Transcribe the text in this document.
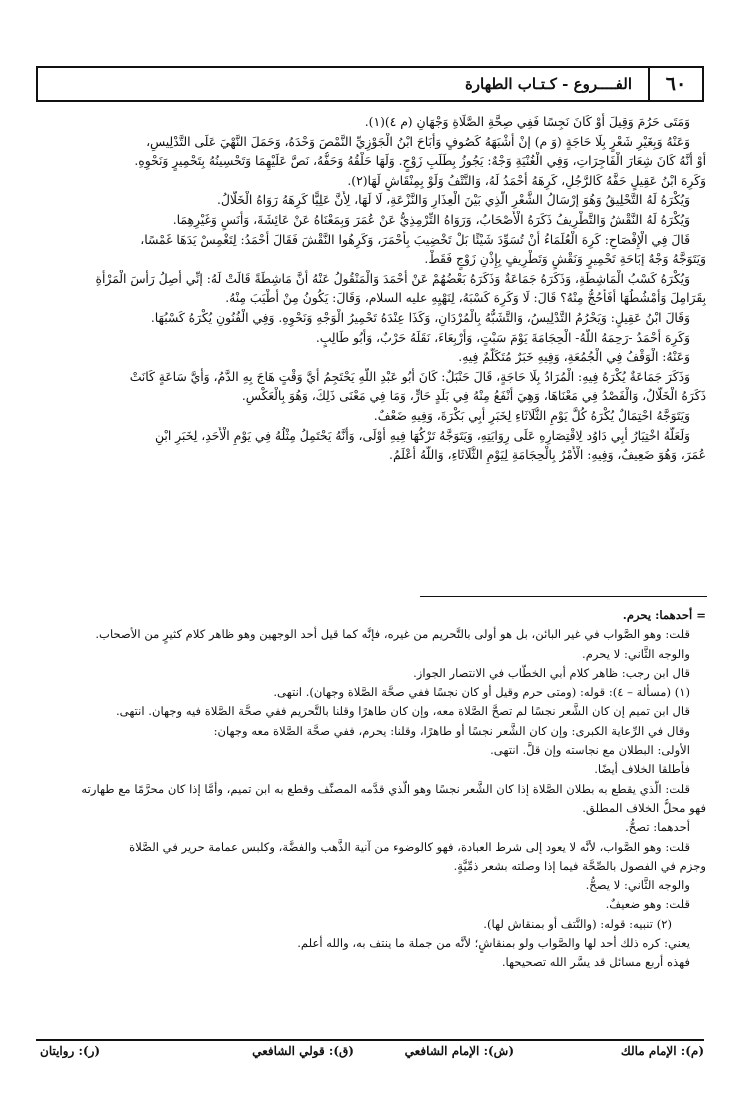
٦٠
الفــــروع - كـتـاب الطهارة
وَمَتَى حَرُمَ وَقِيلَ أَوْ كَانَ نَجِسًا فَفِي صِحَّةِ الصَّلَاةِ وَجْهَانِ (م ٤)(١).
وَعَنْهُ وَبِغَيْرِ شَعْرٍ بِلَا حَاجَةٍ (وَ م) إنْ أَشْبَهَهُ كَصُوفٍ وَأَبَاحَ ابْنُ الْجَوْزِيِّ النَّمْصَ وَحْدَهُ، وَحَمَلَ النَّهْيَ عَلَى التَّدْلِيسِ،
أَوْ أَنَّهُ كَانَ شِعَارَ الْفَاجِرَاتِ، وَفِي الْغُنْيَةِ وَجْهٌ: يَجُوزُ بِطَلَبِ زَوْجٍ. وَلَهَا حَلْقُهُ وَحَفُّهُ، نَصَّ عَلَيْهِمَا وَتَحْسِينُهُ بِتَحْمِيرٍ وَنَحْوِهِ.
وَكَرِهَ ابْنُ عَقِيلٍ حَفَّهُ كَالرَّجُلِ، كَرِهَهُ أَحْمَدُ لَهُ، وَالنَّتْفُ وَلَوْ بِمِنْقَاشٍ لَهَا(٢).
وَيُكْرَهُ لَهُ التَّحْلِيقُ وَهُوَ إرْسَالُ الشَّعْرِ الَّذِي بَيْنَ الْعِذَارِ وَالنَّزْعَةِ، لَا لَهَا، لِأَنَّ عَلِيًّا كَرِهَهُ رَوَاهُ الْخَلَّالُ.
وَيُكْرَهُ لَهُ النَّقْشُ وَالتَّطْرِيفُ ذَكَرَهُ الْأَصْحَابُ، وَرَوَاهُ التِّرْمِذِيُّ عَنْ عُمَرَ وَبِمَعْنَاهُ عَنْ عَائِشَةَ، وَأَنَسٍ وَغَيْرِهِمَا.
قَالَ فِي الْإِفْصَاحِ: كَرِهَ الْعُلَمَاءُ أَنْ تُسَوِّدَ شَيْئًا بَلْ تَخْضِيبَ بِأَحْمَرَ، وَكَرِهُوا النَّقْشَ فَقَالَ أَحْمَدُ: لِتَغْمِسْ يَدَهَا غَمْسًا،
وَيَتَوَجَّهُ وَجْهٌ إبَاحَةِ تَحْمِيرٍ وَنَقْشٍ وَتَطْرِيفٍ بِإِذْنِ زَوْجٍ فَقَطْ.
وَيُكْرَهُ كَسْبُ الْمَاشِطَةِ، وَذَكَرَهُ جَمَاعَةٌ وَذَكَرَهُ بَعْضُهُمْ عَنْ أَحْمَدَ وَالْمَنْقُولُ عَنْهُ أَنَّ مَاشِطَةً قَالَتْ لَهُ: إنِّي أَصِلُ رَأْسَ الْمَرْأَةِ
بِقَرَامِلَ وَأَمْشُطُهَا أَفَأَحُجُّ مِنْهُ؟ قَالَ: لَا وَكَرِهَ كَسْبَهُ، لِنَهْيِهِ عليه السلام، وَقَالَ: يَكُونُ مِنْ أَطْيَبَ مِنْهُ.
وَقَالَ ابْنُ عَقِيلٍ: وَيَحْرُمُ التَّدْلِيسُ، وَالتَّشَبُّهُ بِالْمُرْدَانِ، وَكَذَا عِنْدَهُ تَحْمِيرُ الْوَجْهِ وَنَحْوِهِ. وَفِي الْفُنُونِ يُكْرَهُ كَسْبُهَا.
وَكَرِهَ أَحْمَدُ -رَحِمَهُ اللَّهُ- الْحِجَامَةَ يَوْمَ سَبْتٍ، وَأَرْبِعَاءَ، نَقَلَهُ حَرْبٌ، وَأَبُو طَالِبٍ.
وَعَنْهُ: الْوَقْفُ فِي الْجُمُعَةِ، وَفِيهِ خَبَرٌ مُتَكَلَّمٌ فِيهِ.
وَذَكَرَ جَمَاعَةٌ يُكْرَهُ فِيهِ: الْمُرَادُ بِلَا حَاجَةٍ، قَالَ حَنْبَلٌ: كَانَ أَبُو عَبْدِ اللَّهِ يَحْتَجِمُ أَيَّ وَقْتٍ هَاجَ بِهِ الدَّمُ، وَأَيَّ سَاعَةٍ كَانَتْ
ذَكَرَهُ الْخَلَّالُ، وَالْفَصْدُ فِي مَعْنَاهَا، وَهِيَ أَنْفَعُ مِنْهُ فِي بَلَدٍ حَارٍّ، وَمَا فِي مَعْنَى ذَلِكَ، وَهُوَ بِالْعَكْسِ.
وَيَتَوَجَّهُ احْتِمَالٌ يُكْرَهُ كُلَّ يَوْمِ الثُّلَاثَاءِ لِخَبَرِ أَبِي بَكْرَةَ، وَفِيهِ ضَعْفٌ.
وَلَعَلَّهُ اخْتِيَارُ أَبِي دَاوُد لِاقْتِصَارِهِ عَلَى رِوَايَتِهِ، وَيَتَوَجَّهُ تَرْكُهَا فِيهِ أَوْلَى، وَأَنَّهُ يَحْتَمِلُ مِثْلُهُ فِي يَوْمِ الْأَحَدِ، لِخَبَرِ ابْنِ
عُمَرَ، وَهُوَ ضَعِيفٌ، وَفِيهِ: الْأَمْرُ بِالْحِجَامَةِ لِيَوْمِ الثُّلَاثَاءِ، وَاللَّهُ أَعْلَمُ.
= أحدهما: يحرم.
قلت: وهو الصَّواب في غير البائن، بل هو أولى بالتَّحريم من غيره، فإنَّه كما قيل أحد الوجهين وهو ظاهر كلام كثيرٍ من الأصحاب.
والوجه الثَّاني: لا يحرم.
قال ابن رجب: ظاهر كلام أبي الخطَّاب في الانتصار الجواز.
(١) (مسألة – ٤): قوله: (ومتى حرم وقيل أو كان نجسًا ففي صحَّة الصَّلاة وجهان). انتهى.
قال ابن تميم إن كان الشَّعر نجسًا لم تصحَّ الصَّلاة معه، وإن كان طاهرًا وقلنا بالتَّحريم ففي صحَّة الصَّلاة فيه وجهان. انتهى.
وقال في الرِّعاية الكبرى: وإن كان الشَّعر نجسًا أو طاهرًا، وقلنا: يحرم، ففي صحَّة الصَّلاة معه وجهان:
الأولى: البطلان مع نجاسته وإن قلَّ. انتهى.
فأطلقا الخلاف أيضًا.
قلت: الَّذي يقطع به بطلان الصَّلاة إذا كان الشَّعر نجسًا وهو الَّذي قدَّمه المصنِّف وقطع به ابن تميم، وأمَّا إذا كان محرَّمًا مع طهارته
فهو محلُّ الخلاف المطلق.
أحدهما: تصحُّ.
قلت: وهو الصَّواب، لأنَّه لا يعود إلى شرط العبادة، فهو كالوضوء من آنية الذَّهب والفضَّة، وكلبس عمامة حرير في الصَّلاة
وجزم في الفصول بالصِّحَّة فيما إذا وصلته بشعر ذمِّيَّةٍ.
والوجه الثَّاني: لا يصحُّ.
قلت: وهو ضعيفٌ.
(٢) تنبيه: قوله: (والنَّتف أو بمنقاش لها).
يعني: كره ذلك أحد لها والصَّواب ولو بمنقاشٍ؛ لأنَّه من جملة ما ينتف به، والله أعلم.
فهذه أربع مسائل قد يسَّر الله تصحيحها.
(م): الإمام مالك
(ش): الإمام الشافعي
(ق): قولي الشافعي
(ر): روايتان
